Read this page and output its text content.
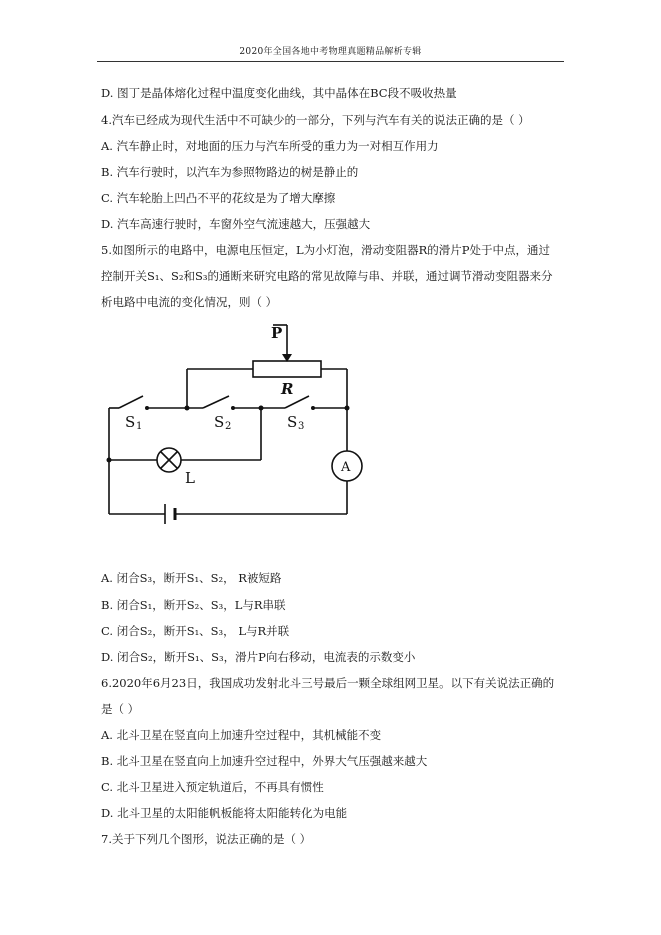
2020年全国各地中考物理真题精品解析专辑
D. 图丁是晶体熔化过程中温度变化曲线，其中晶体在BC段不吸收热量
4.汽车已经成为现代生活中不可缺少的一部分，下列与汽车有关的说法正确的是（ ）
A. 汽车静止时，对地面的压力与汽车所受的重力为一对相互作用力
B. 汽车行驶时，以汽车为参照物路边的树是静止的
C. 汽车轮胎上凹凸不平的花纹是为了增大摩擦
D. 汽车高速行驶时，车窗外空气流速越大，压强越大
5.如图所示的电路中，电源电压恒定，L为小灯泡，滑动变阻器R的滑片P处于中点，通过
控制开关S₁、S₂和S₃的通断来研究电路的常见故障与串、并联，通过调节滑动变阻器来分
析电路中电流的变化情况，则（ ）
P
R
S 1	S 2	S 3
L
A
A. 闭合S₃，断开S₁、S₂， R被短路
B. 闭合S₁，断开S₂、S₃，L与R串联
C. 闭合S₂，断开S₁、S₃， L与R并联
D. 闭合S₂，断开S₁、S₃，滑片P向右移动，电流表的示数变小
6.2020年6月23日，我国成功发射北斗三号最后一颗全球组网卫星。以下有关说法正确的
是（ ）
A. 北斗卫星在竖直向上加速升空过程中，其机械能不变
B. 北斗卫星在竖直向上加速升空过程中，外界大气压强越来越大
C. 北斗卫星进入预定轨道后，不再具有惯性
D. 北斗卫星的太阳能帆板能将太阳能转化为电能
7.关于下列几个图形，说法正确的是（ ）
